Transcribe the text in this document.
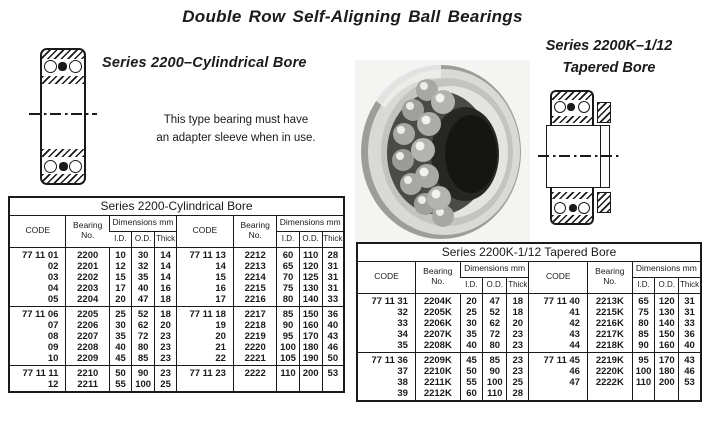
Double Row Self-Aligning Ball Bearings
Series 2200–Cylindrical Bore
This type bearing must have
an adapter sleeve when in use.
Series 2200K–1/12
Tapered Bore
Series 2200-Cylindrical Bore									
CODE	Bearing
No.	Dimensions mm			CODE	Bearing
No.	Dimensions mm		
		I.D.	O.D.	Thick			I.D.	O.D.	Thick
77 11 01	2200	10	30	14	77 11 13	2212	60	110	28
02	2201	12	32	14	14	2213	65	120	31
03	2202	15	35	14	15	2214	70	125	31
04	2203	17	40	16	16	2215	75	130	31
05	2204	20	47	18	17	2216	80	140	33
77 11 06	2205	25	52	18	77 11 18	2217	85	150	36
07	2206	30	62	20	19	2218	90	160	40
08	2207	35	72	23	20	2219	95	170	43
09	2208	40	80	23	21	2220	100	180	46
10	2209	45	85	23	22	2221	105	190	50
77 11 11	2210	50	90	23	77 11 23	2222	110	200	53
12	2211	55	100	25					
Series 2200K-1/12 Tapered Bore									
CODE	Bearing
No.	Dimensions mm			CODE	Bearing
No.	Dimensions mm		
		I.D.	O.D.	Thick			I.D.	O.D.	Thick
77 11 31	2204K	20	47	18	77 11 40	2213K	65	120	31
32	2205K	25	52	18	41	2215K	75	130	31
33	2206K	30	62	20	42	2216K	80	140	33
34	2207K	35	72	23	43	2217K	85	150	36
35	2208K	40	80	23	44	2218K	90	160	40
77 11 36	2209K	45	85	23	77 11 45	2219K	95	170	43
37	2210K	50	90	23	46	2220K	100	180	46
38	2211K	55	100	25	47	2222K	110	200	53
39	2212K	60	110	28					
